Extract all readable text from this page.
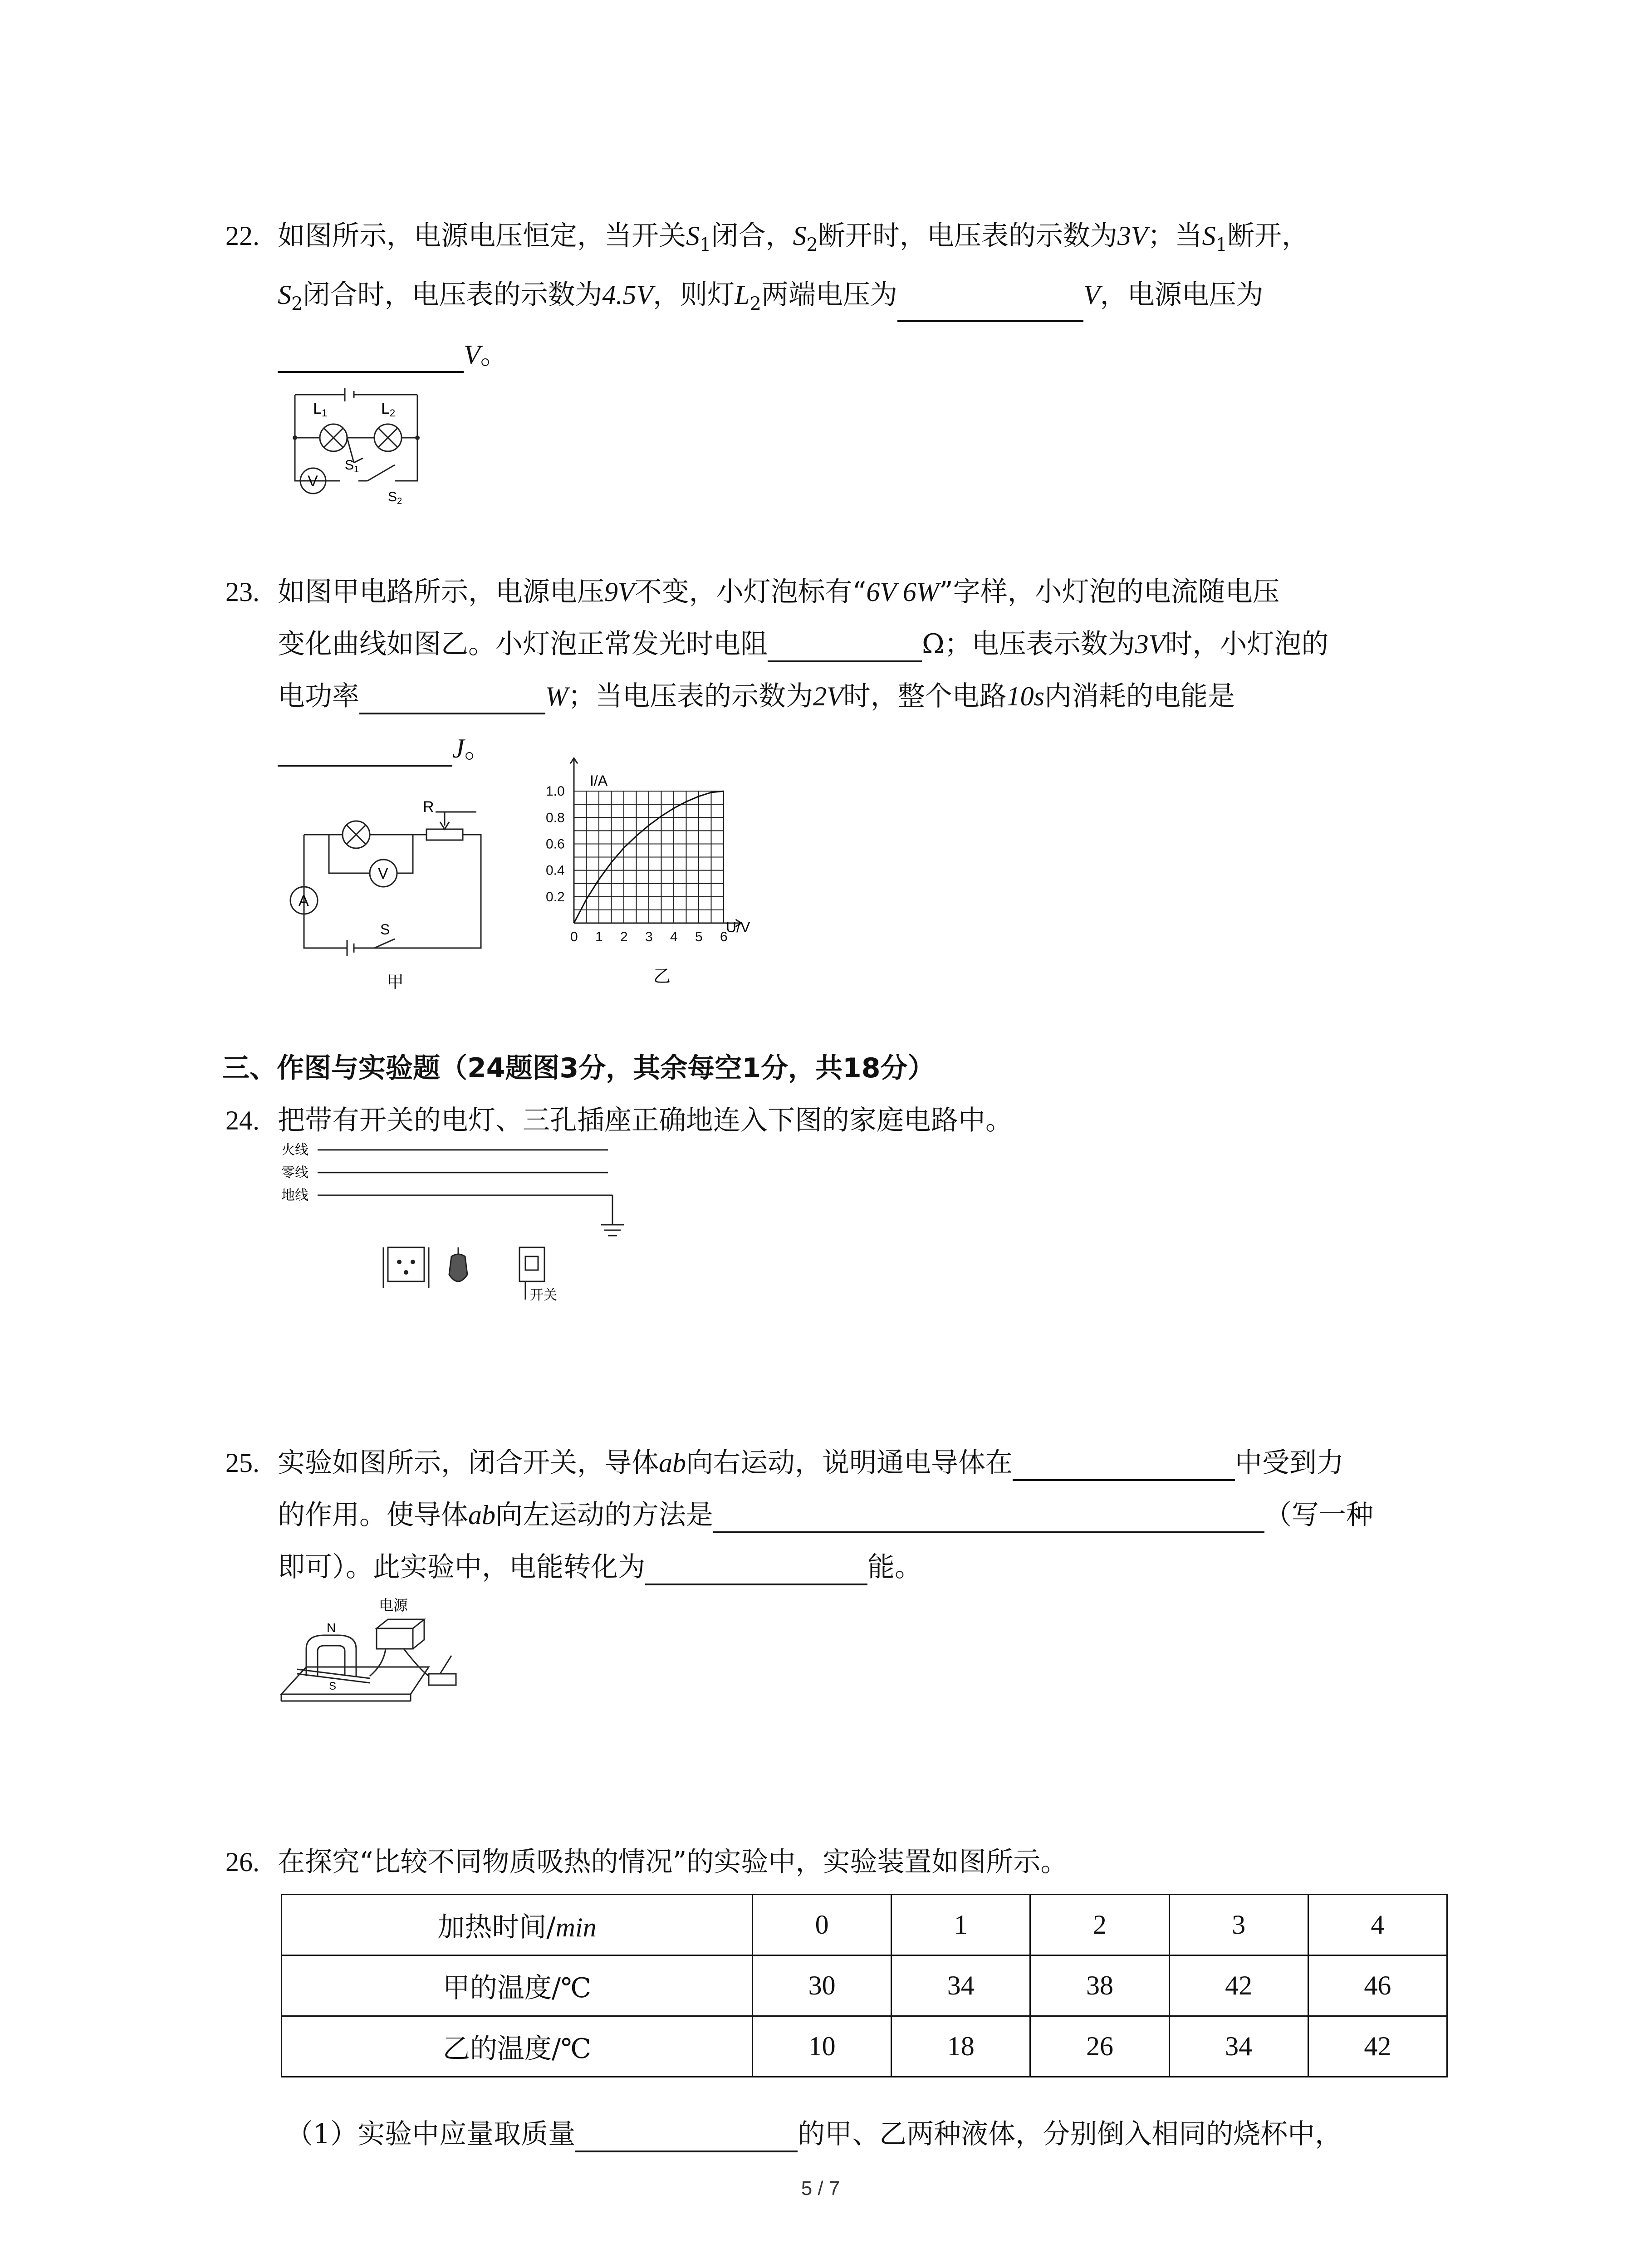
22. 如图所示，电源电压恒定，当开关$S_1$闭合，$S_2$断开时，电压表的示数为3V；当$S_1$断开，
$S_2$闭合时，电压表的示数为4.5V，则灯$L_2$两端电压为	V，电源电压为
V。
L1	L2
V
$S_1$
$S_2$
23. 如图甲电路所示，电源电压9V不变，小灯泡标有“6V 6W”字样，小灯泡的电流随电压
变化曲线如图乙。小灯泡正常发光时电阻	Ω；电压表示数为3V时，小灯泡的
电功率	W；当电压表的示数为2V时，整个电路10s内消耗的电能是
J。
R
V
A
S
甲
0.2
0.4
0.6
0.8
1.0
0 1 2 3 4 5 6
I/A
U/V
乙
三、作图与实验题（24题图3分，其余每空1分，共18分）
24. 把带有开关的电灯、三孔插座正确地连入下图的家庭电路中。
火线
零线
地线
开关
25. 实验如图所示，闭合开关，导体ab向右运动，说明通电导体在	中受到力
的作用。使导体ab向左运动的方法是	（写一种
即可）。此实验中，电能转化为	能。
电源
N
S
26. 在探究“比较不同物质吸热的情况”的实验中，实验装置如图所示。
加热时间/min	0	1	2	3	4
甲的温度/℃	30	34	38	42	46
乙的温度/℃	10	18	26	34	42
（1）实验中应量取质量	的甲、乙两种液体，分别倒入相同的烧杯中，
5 / 7
